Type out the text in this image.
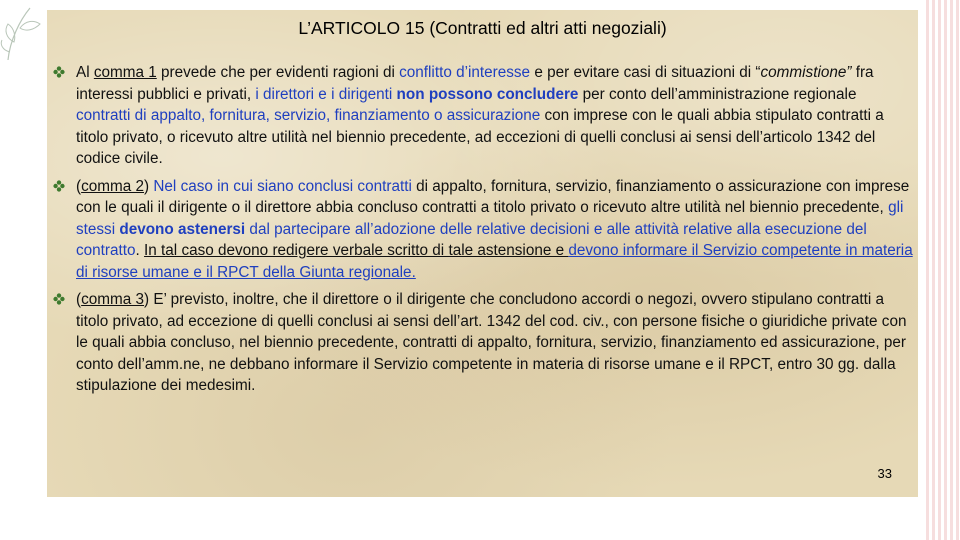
L’ARTICOLO 15 (Contratti ed altri atti negoziali)
Al comma 1 prevede che per evidenti ragioni di conflitto d’interesse e per evitare casi di situazioni di “commistione” fra interessi pubblici e privati, i direttori e i dirigenti non possono concludere per conto dell’amministrazione regionale contratti di appalto, fornitura, servizio, finanziamento o assicurazione con imprese con le quali abbia stipulato contratti a titolo privato, o ricevuto altre utilità nel biennio precedente, ad eccezioni di quelli conclusi ai sensi dell’articolo 1342 del codice civile.
(comma 2) Nel caso in cui siano conclusi contratti di appalto, fornitura, servizio, finanziamento o assicurazione con imprese con le quali il dirigente o il direttore abbia concluso contratti a titolo privato o ricevuto altre utilità nel biennio precedente, gli stessi devono astenersi dal partecipare all’adozione delle relative decisioni e alle attività relative alla esecuzione del contratto. In tal caso devono redigere verbale scritto di tale astensione e devono informare il Servizio competente in materia di risorse umane e il RPCT della Giunta regionale.
(comma 3) E’ previsto, inoltre, che il direttore o il dirigente che concludono accordi o negozi, ovvero stipulano contratti a titolo privato, ad eccezione di quelli conclusi ai sensi dell’art. 1342 del cod. civ., con persone fisiche o giuridiche private con le quali abbia concluso, nel biennio precedente, contratti di appalto, fornitura, servizio, finanziamento ed assicurazione, per conto dell’amm.ne, ne debbano informare il Servizio competente in materia di risorse umane e il RPCT, entro 30 gg. dalla stipulazione dei medesimi.
33
